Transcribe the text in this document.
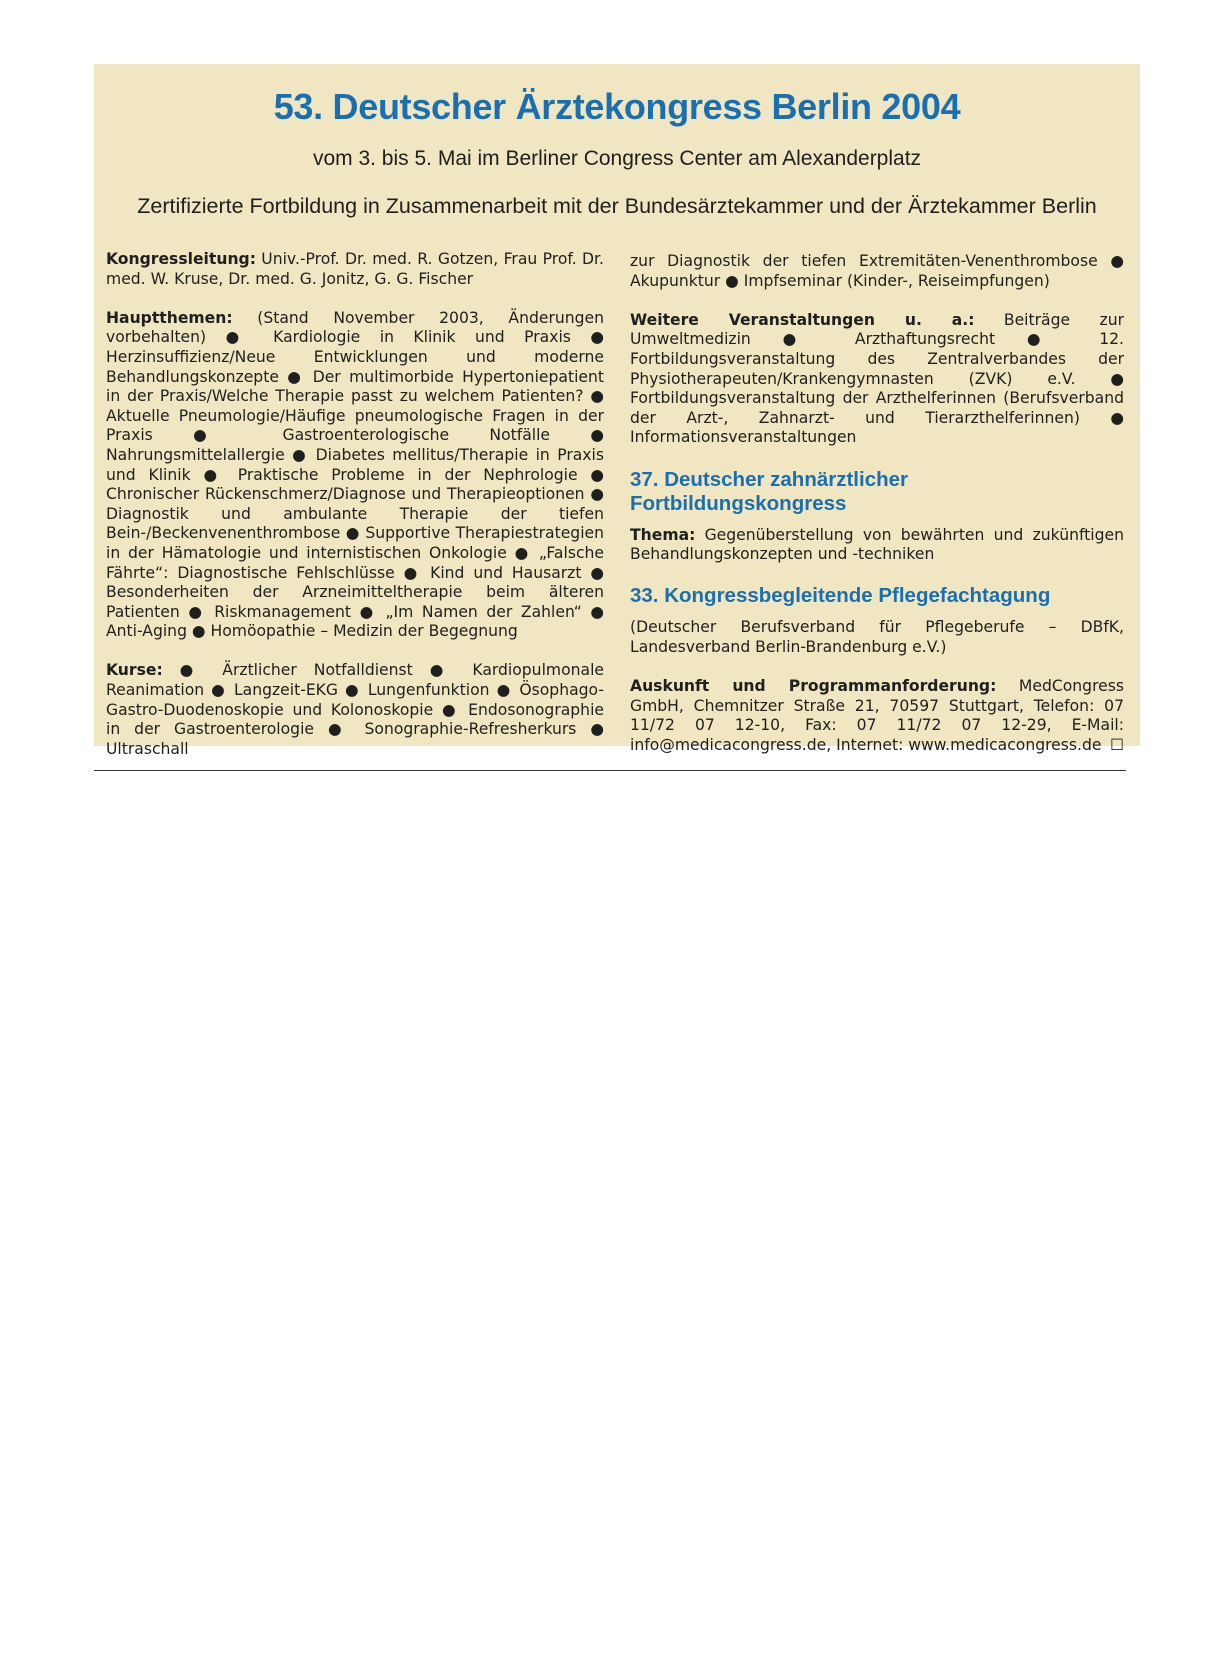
53. Deutscher Ärztekongress Berlin 2004

vom 3. bis 5. Mai im Berliner Congress Center am Alexanderplatz

Zertifizierte Fortbildung in Zusammenarbeit mit der Bundesärztekammer und der Ärztekammer Berlin

Kongressleitung: Univ.-Prof. Dr. med. R. Gotzen, Frau Prof. Dr. med. W. Kruse, Dr. med. G. Jonitz, G. G. Fischer

Hauptthemen: (Stand November 2003, Änderungen vorbehalten) ● Kardiologie in Klinik und Praxis ● Herzinsuffizienz/Neue Entwicklungen und moderne Behandlungskonzepte ● Der multimorbide Hypertoniepatient in der Praxis/Welche Therapie passt zu welchem Patienten? ● Aktuelle Pneumologie/Häufige pneumologische Fragen in der Praxis ● Gastroenterologische Notfälle ● Nahrungsmittelallergie ● Diabetes mellitus/Therapie in Praxis und Klinik ● Praktische Probleme in der Nephrologie ● Chronischer Rückenschmerz/Diagnose und Therapieoptionen ● Diagnostik und ambulante Therapie der tiefen Bein-/Beckenvenenthrombose ● Supportive Therapiestrategien in der Hämatologie und internistischen Onkologie ● „Falsche Fährte“: Diagnostische Fehlschlüsse ● Kind und Hausarzt ● Besonderheiten der Arzneimitteltherapie beim älteren Patienten ● Riskmanagement ● „Im Namen der Zahlen“ ● Anti-Aging ● Homöopathie – Medizin der Begegnung

Kurse: ● Ärztlicher Notfalldienst ● Kardiopulmonale Reanimation ● Langzeit-EKG ● Lungenfunktion ● Ösophago-Gastro-Duodenoskopie und Kolonoskopie ● Endosonographie in der Gastroenterologie ● Sonographie-Refresherkurs ● Ultraschall

zur Diagnostik der tiefen Extremitäten-Venenthrombose ● Akupunktur ● Impfseminar (Kinder-, Reiseimpfungen)

Weitere Veranstaltungen u. a.: Beiträge zur Umweltmedizin ● Arzthaftungsrecht ● 12. Fortbildungsveranstaltung des Zentralverbandes der Physiotherapeuten/Krankengymnasten (ZVK) e.V. ● Fortbildungsveranstaltung der Arzthelferinnen (Berufsverband der Arzt-, Zahnarzt- und Tierarzthelferinnen) ● Informationsveranstaltungen

37. Deutscher zahnärztlicher Fortbildungskongress

Thema: Gegenüberstellung von bewährten und zukünftigen Behandlungskonzepten und -techniken

33. Kongressbegleitende Pflegefachtagung

(Deutscher Berufsverband für Pflegeberufe – DBfK, Landesverband Berlin-Brandenburg e.V.)

Auskunft und Programmanforderung: MedCongress GmbH, Chemnitzer Straße 21, 70597 Stuttgart, Telefon: 07 11/72 07 12-10, Fax: 07 11/72 07 12-29, E-Mail: info@medicacongress.de, Internet: www.medicacongress.de ☐
